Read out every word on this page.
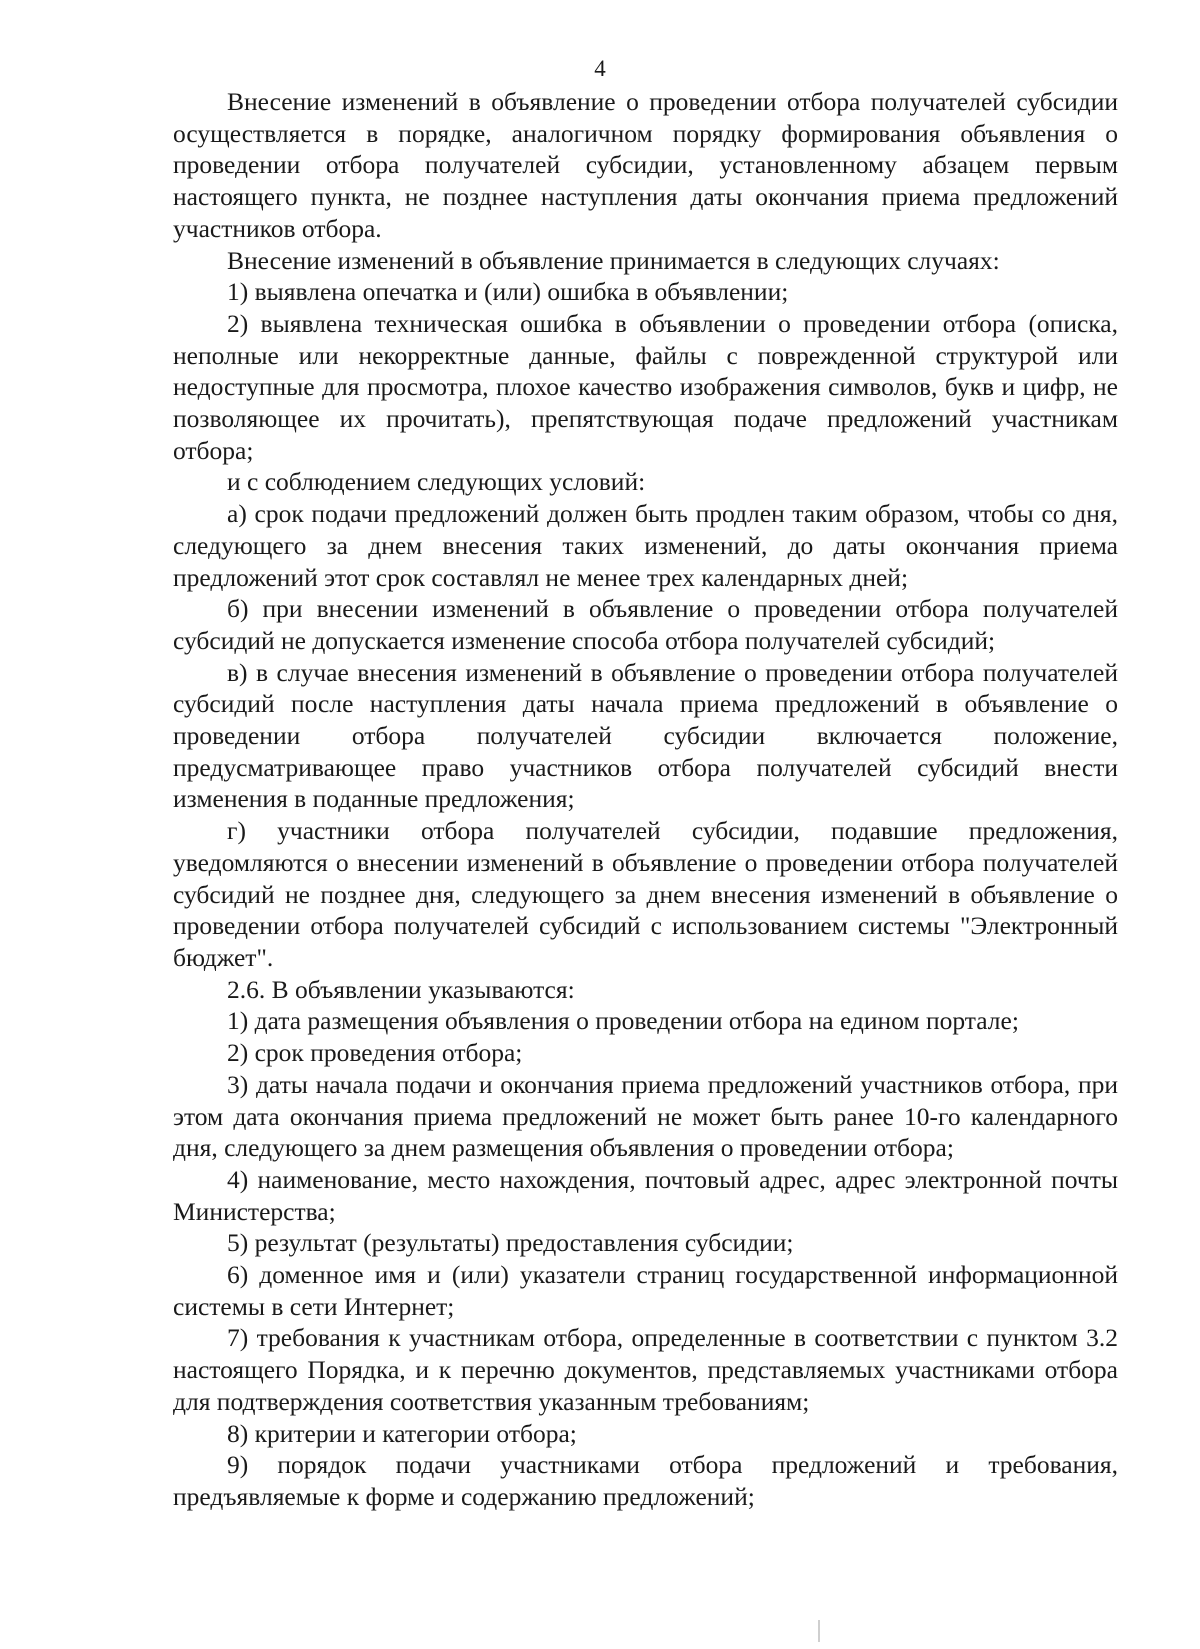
4

Внесение изменений в объявление о проведении отбора получателей субсидии осуществляется в порядке, аналогичном порядку формирования объявления о проведении отбора получателей субсидии, установленному абзацем первым настоящего пункта, не позднее наступления даты окончания приема предложений участников отбора.

Внесение изменений в объявление принимается в следующих случаях:

1) выявлена опечатка и (или) ошибка в объявлении;

2) выявлена техническая ошибка в объявлении о проведении отбора (описка, неполные или некорректные данные, файлы с поврежденной структурой или недоступные для просмотра, плохое качество изображения символов, букв и цифр, не позволяющее их прочитать), препятствующая подаче предложений участникам отбора;

и с соблюдением следующих условий:

а) срок подачи предложений должен быть продлен таким образом, чтобы со дня, следующего за днем внесения таких изменений, до даты окончания приема предложений этот срок составлял не менее трех календарных дней;

б) при внесении изменений в объявление о проведении отбора получателей субсидий не допускается изменение способа отбора получателей субсидий;

в) в случае внесения изменений в объявление о проведении отбора получателей субсидий после наступления даты начала приема предложений в объявление о проведении отбора получателей субсидии включается положение, предусматривающее право участников отбора получателей субсидий внести изменения в поданные предложения;

г) участники отбора получателей субсидии, подавшие предложения, уведомляются о внесении изменений в объявление о проведении отбора получателей субсидий не позднее дня, следующего за днем внесения изменений в объявление о проведении отбора получателей субсидий с использованием системы "Электронный бюджет".

2.6. В объявлении указываются:

1) дата размещения объявления о проведении отбора на едином портале;

2) срок проведения отбора;

3) даты начала подачи и окончания приема предложений участников отбора, при этом дата окончания приема предложений не может быть ранее 10-го календарного дня, следующего за днем размещения объявления о проведении отбора;

4) наименование, место нахождения, почтовый адрес, адрес электронной почты Министерства;

5) результат (результаты) предоставления субсидии;

6) доменное имя и (или) указатели страниц государственной информационной системы в сети Интернет;

7) требования к участникам отбора, определенные в соответствии с пунктом 3.2 настоящего Порядка, и к перечню документов, представляемых участниками отбора для подтверждения соответствия указанным требованиям;

8) критерии и категории отбора;

9) порядок подачи участниками отбора предложений и требования, предъявляемые к форме и содержанию предложений;
